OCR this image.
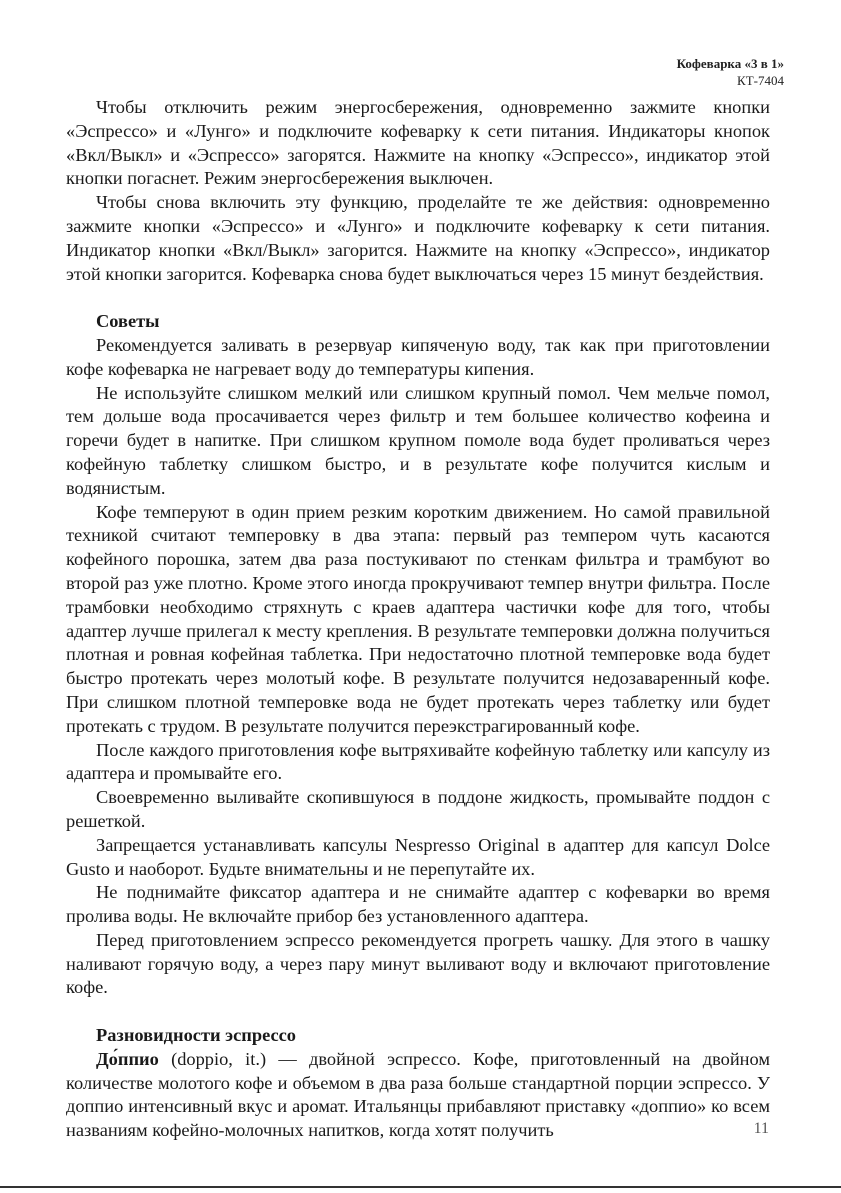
Кофеварка «3 в 1»
КТ-7404

Чтобы отключить режим энергосбережения, одновременно зажмите кнопки «Эспрессо» и «Лунго» и подключите кофеварку к сети питания. Индикаторы кнопок «Вкл/Выкл» и «Эспрессо» загорятся. Нажмите на кнопку «Эспрессо», индикатор этой кнопки погаснет. Режим энергосбережения выключен.

Чтобы снова включить эту функцию, проделайте те же действия: одновременно зажмите кнопки «Эспрессо» и «Лунго» и подключите кофеварку к сети питания. Индикатор кнопки «Вкл/Выкл» загорится. Нажмите на кнопку «Эспрессо», индикатор этой кнопки загорится. Кофеварка снова будет выключаться через 15 минут бездействия.

Советы

Рекомендуется заливать в резервуар кипяченую воду, так как при приготовлении кофе кофеварка не нагревает воду до температуры кипения.

Не используйте слишком мелкий или слишком крупный помол. Чем мельче помол, тем дольше вода просачивается через фильтр и тем большее количество кофеина и горечи будет в напитке. При слишком крупном помоле вода будет проливаться через кофейную таблетку слишком быстро, и в результате кофе получится кислым и водянистым.

Кофе темперуют в один прием резким коротким движением. Но самой правильной техникой считают темперовку в два этапа: первый раз темпером чуть касаются кофейного порошка, затем два раза постукивают по стенкам фильтра и трамбуют во второй раз уже плотно. Кроме этого иногда прокручивают темпер внутри фильтра. После трамбовки необходимо стряхнуть с краев адаптера частички кофе для того, чтобы адаптер лучше прилегал к месту крепления. В результате темперовки должна получиться плотная и ровная кофейная таблетка. При недостаточно плотной темперовке вода будет быстро протекать через молотый кофе. В результате получится недозаваренный кофе. При слишком плотной темперовке вода не будет протекать через таблетку или будет протекать с трудом. В результате получится переэкстрагированный кофе.

После каждого приготовления кофе вытряхивайте кофейную таблетку или капсулу из адаптера и промывайте его.

Своевременно выливайте скопившуюся в поддоне жидкость, промывайте поддон с решеткой.

Запрещается устанавливать капсулы Nespresso Original в адаптер для капсул Dolce Gusto и наоборот. Будьте внимательны и не перепутайте их.

Не поднимайте фиксатор адаптера и не снимайте адаптер с кофеварки во время пролива воды. Не включайте прибор без установленного адаптера.

Перед приготовлением эспрессо рекомендуется прогреть чашку. Для этого в чашку наливают горячую воду, а через пару минут выливают воду и включают приготовление кофе.

Разновидности эспрессо

До́ппио (doppio, it.) — двойной эспрессо. Кофе, приготовленный на двойном количестве молотого кофе и объемом в два раза больше стандартной порции эспрессо. У доппио интенсивный вкус и аромат. Итальянцы прибавляют приставку «доппио» ко всем названиям кофейно-молочных напитков, когда хотят получить	11
